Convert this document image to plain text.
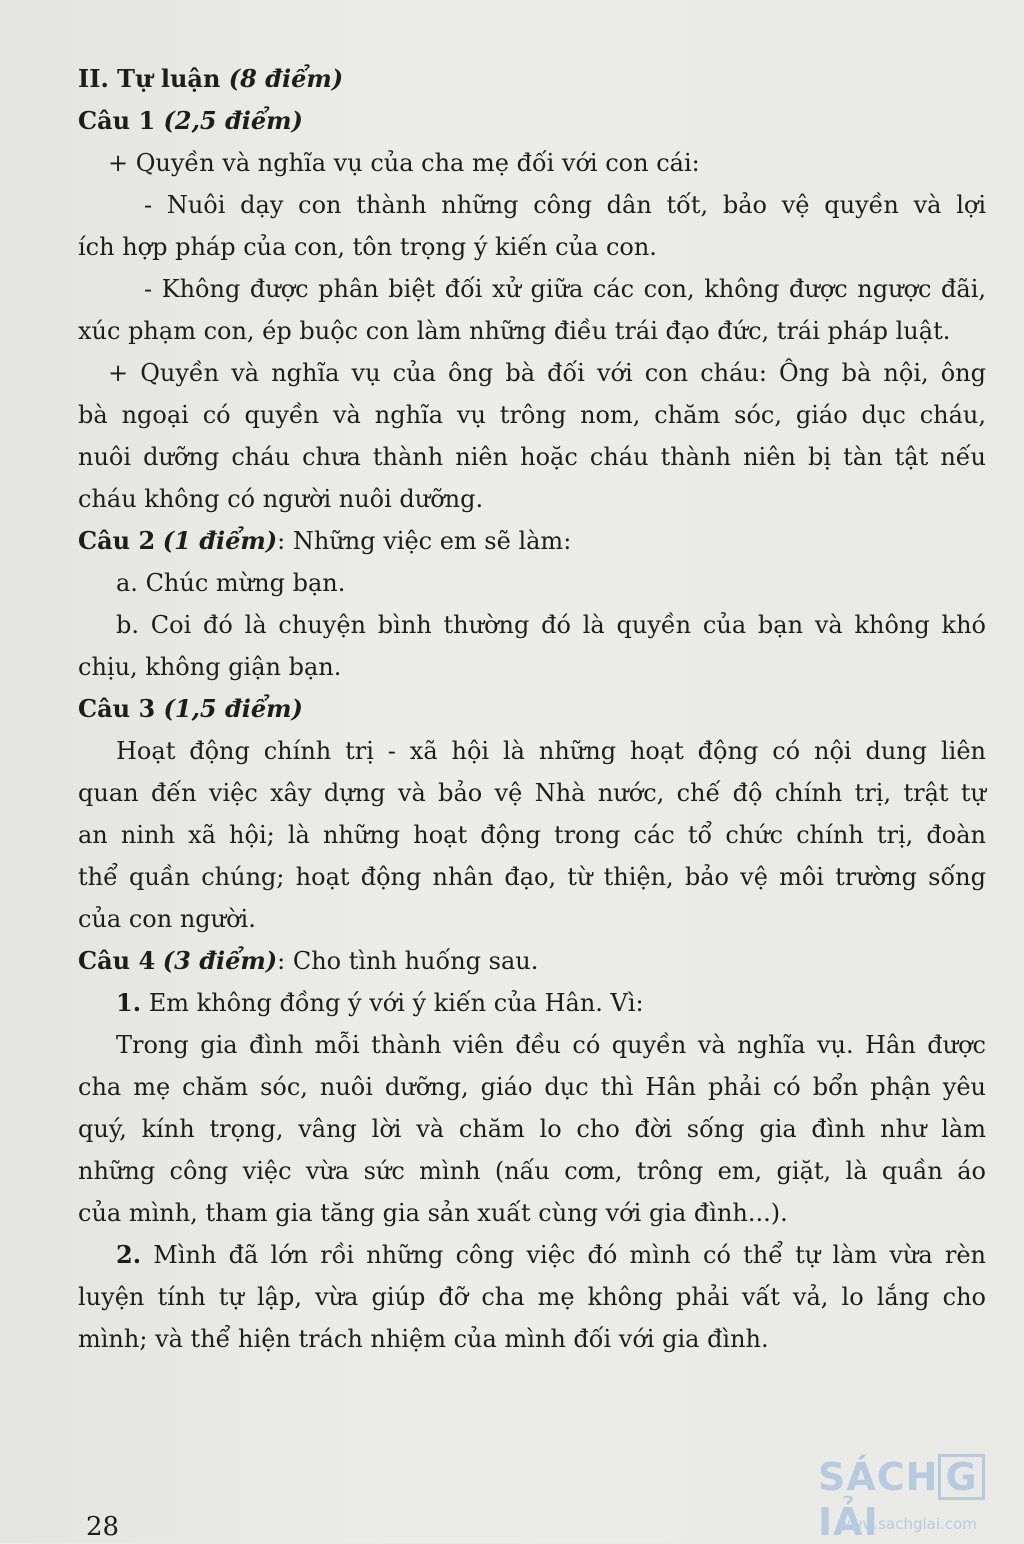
II. Tự luận (8 điểm)

Câu 1 (2,5 điểm)

+ Quyền và nghĩa vụ của cha mẹ đối với con cái:

- Nuôi dạy con thành những công dân tốt, bảo vệ quyền và lợi

ích hợp pháp của con, tôn trọng ý kiến của con.

- Không được phân biệt đối xử giữa các con, không được ngược đãi,

xúc phạm con, ép buộc con làm những điều trái đạo đức, trái pháp luật.

+ Quyền và nghĩa vụ của ông bà đối với con cháu: Ông bà nội, ông

bà ngoại có quyền và nghĩa vụ trông nom, chăm sóc, giáo dục cháu,

nuôi dưỡng cháu chưa thành niên hoặc cháu thành niên bị tàn tật nếu

cháu không có người nuôi dưỡng.

Câu 2 (1 điểm): Những việc em sẽ làm:

a. Chúc mừng bạn.

b. Coi đó là chuyện bình thường đó là quyền của bạn và không khó

chịu, không giận bạn.

Câu 3 (1,5 điểm)

Hoạt động chính trị - xã hội là những hoạt động có nội dung liên

quan đến việc xây dựng và bảo vệ Nhà nước, chế độ chính trị, trật tự

an ninh xã hội; là những hoạt động trong các tổ chức chính trị, đoàn

thể quần chúng; hoạt động nhân đạo, từ thiện, bảo vệ môi trường sống

của con người.

Câu 4 (3 điểm): Cho tình huống sau.

1. Em không đồng ý với ý kiến của Hân. Vì:

Trong gia đình mỗi thành viên đều có quyền và nghĩa vụ. Hân được

cha mẹ chăm sóc, nuôi dưỡng, giáo dục thì Hân phải có bổn phận yêu

quý, kính trọng, vâng lời và chăm lo cho đời sống gia đình như làm

những công việc vừa sức mình (nấu cơm, trông em, giặt, là quần áo

của mình, tham gia tăng gia sản xuất cùng với gia đình...).

2. Mình đã lớn rồi những công việc đó mình có thể tự làm vừa rèn

luyện tính tự lập, vừa giúp đỡ cha mẹ không phải vất vả, lo lắng cho

mình; và thể hiện trách nhiệm của mình đối với gia đình.

28
SÁCH GIẢI
www.sachgiai.com
